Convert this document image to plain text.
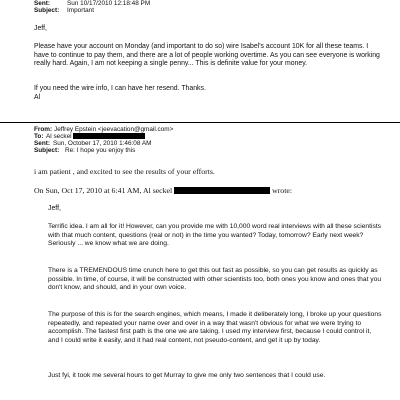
Sent:	Sun 10/17/2010 12:18:48 PM
Subject: Important
Jeff,
Please have your account on Monday (and important to do so) wire Isabel's account 10K for all these teams. I have to continue to pay them, and there are a lot of people working overtime. As you can see everyone is working really hard. Again, I am not keeping a single penny... This is definite value for your money.
If you need the wire info, I can have her resend. Thanks.
Al
From: Jeffrey Epstein <jeevacation@gmail.com>
To: Al seckel
Sent: Sun, October 17, 2010 1:46:08 AM
Subject: Re: I hope you enjoy this
i am patient , and excited to see the results of your efforts.
On Sun, Oct 17, 2010 at 6:41 AM, Al seckel	wrote:
Jeff,
Terrific idea. I am all for it! However, can you provide me with 10,000 word real interviews with all these scientists with that much content, questions (real or not) in the time you wanted? Today, tomorrow? Early next week? Seriously ... we know what we are doing.
There is a TREMENDOUS time crunch here to get this out fast as possible, so you can get results as quickly as possible. In time, of course, it will be constructed with other scientists too, both ones you know and ones that you don't know, and should, and in your own voice.
The purpose of this is for the search engines, which means, I made it deliberately long, I broke up your questions repeatedly, and repeated your name over and over in a way that wasn't obvious for what we were trying to accomplish. The fastest first path is the one we are taking. I used my interview first, because I could control it, and I could write it easily, and it had real content, not pseudo-content, and get it up by today.
Just fyi, it took me several hours to get Murray to give me only two sentences that I could use.
